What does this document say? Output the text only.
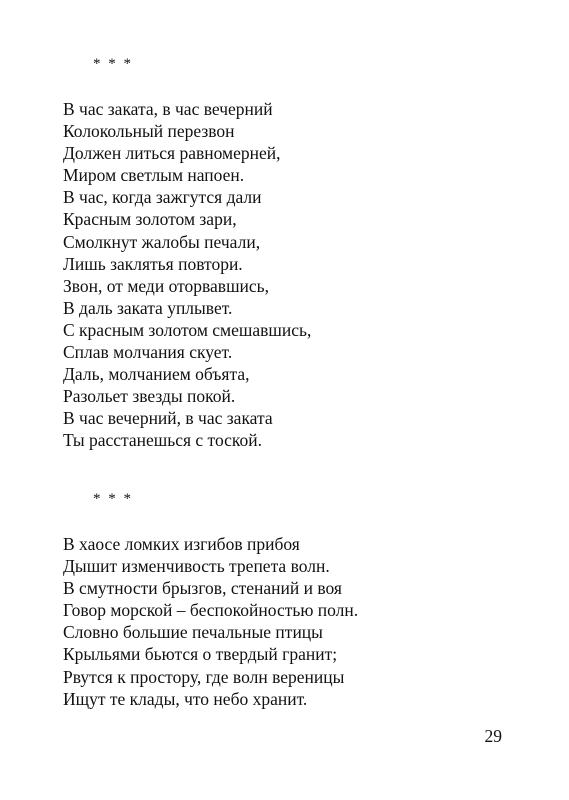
* * *
В час заката, в час вечерний
Колокольный перезвон
Должен литься равномерней,
Миром светлым напоен.
В час, когда зажгутся дали
Красным золотом зари,
Смолкнут жалобы печали,
Лишь заклятья повтори.
Звон, от меди оторвавшись,
В даль заката уплывет.
С красным золотом смешавшись,
Сплав молчания скует.
Даль, молчанием объята,
Разольет звезды покой.
В час вечерний, в час заката
Ты расстанешься с тоской.
* * *
В хаосе ломких изгибов прибоя
Дышит изменчивость трепета волн.
В смутности брызгов, стенаний и воя
Говор морской – беспокойностью полн.
Словно большие печальные птицы
Крыльями бьются о твердый гранит;
Рвутся к простору, где волн вереницы
Ищут те клады, что небо хранит.
29
